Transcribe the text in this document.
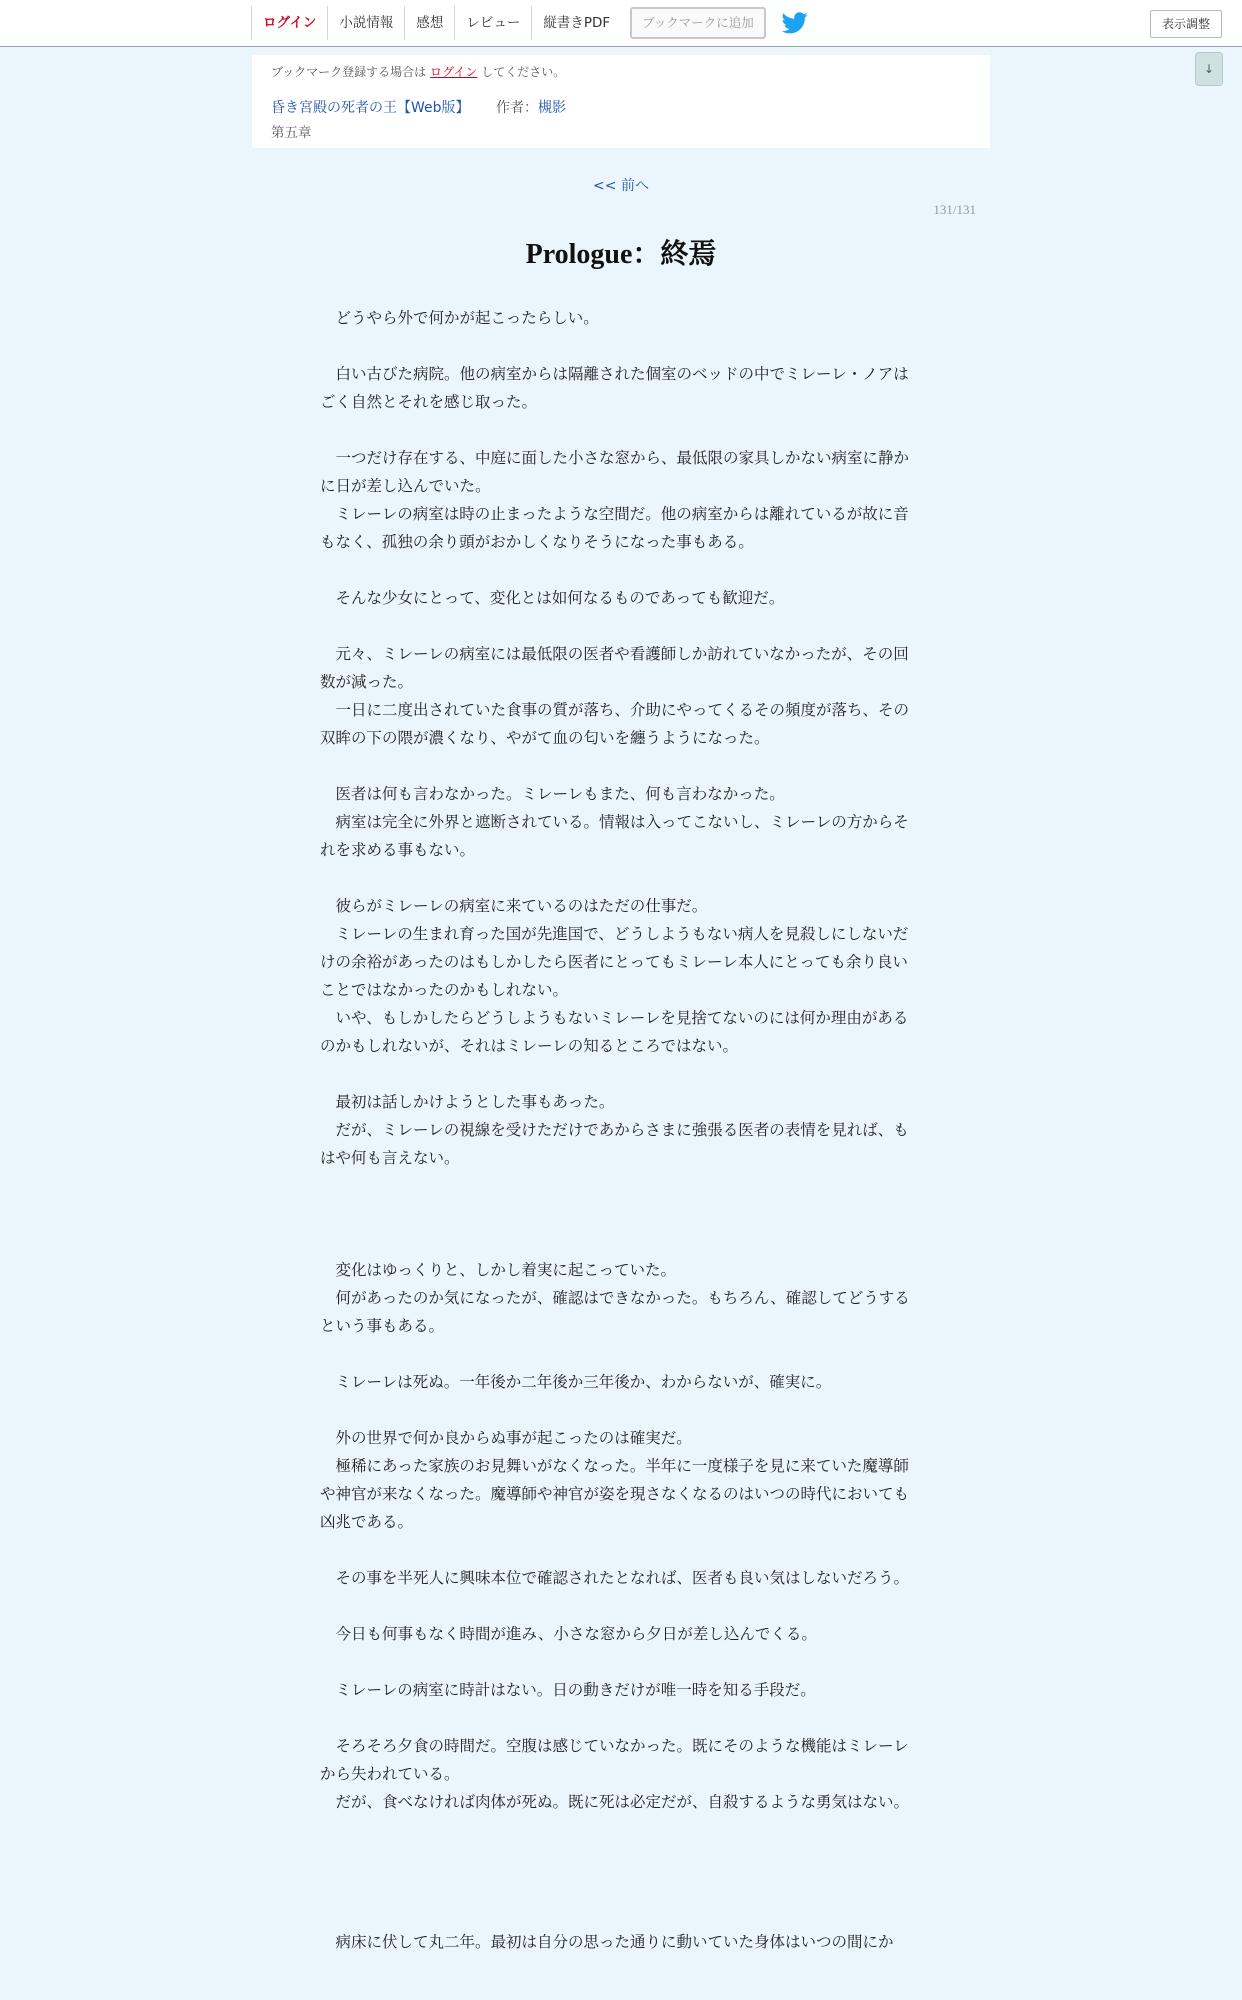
ログイン	小説情報	感想	レビュー	縦書きPDF	ブックマークに追加	表示調整
↓
ブックマーク登録する場合は ログイン してください。
昏き宮殿の死者の王【Web版】 作者：槻影
第五章
<< 前へ
131/131
Prologue：終焉

　どうやら外で何かが起こったらしい。

　白い古びた病院。他の病室からは隔離された個室のベッドの中でミレーレ・ノアはごく自然とそれを感じ取った。

　一つだけ存在する、中庭に面した小さな窓から、最低限の家具しかない病室に静かに日が差し込んでいた。

　ミレーレの病室は時の止まったような空間だ。他の病室からは離れているが故に音もなく、孤独の余り頭がおかしくなりそうになった事もある。

　そんな少女にとって、変化とは如何なるものであっても歓迎だ。

　元々、ミレーレの病室には最低限の医者や看護師しか訪れていなかったが、その回数が減った。

　一日に二度出されていた食事の質が落ち、介助にやってくるその頻度が落ち、その双眸の下の隈が濃くなり、やがて血の匂いを纏うようになった。

　医者は何も言わなかった。ミレーレもまた、何も言わなかった。

　病室は完全に外界と遮断されている。情報は入ってこないし、ミレーレの方からそれを求める事もない。

　彼らがミレーレの病室に来ているのはただの仕事だ。

　ミレーレの生まれ育った国が先進国で、どうしようもない病人を見殺しにしないだけの余裕があったのはもしかしたら医者にとってもミレーレ本人にとっても余り良いことではなかったのかもしれない。

　いや、もしかしたらどうしようもないミレーレを見捨てないのには何か理由があるのかもしれないが、それはミレーレの知るところではない。

　最初は話しかけようとした事もあった。

　だが、ミレーレの視線を受けただけであからさまに強張る医者の表情を見れば、もはや何も言えない。

　変化はゆっくりと、しかし着実に起こっていた。

　何があったのか気になったが、確認はできなかった。もちろん、確認してどうするという事もある。

　ミレーレは死ぬ。一年後か二年後か三年後か、わからないが、確実に。

　外の世界で何か良からぬ事が起こったのは確実だ。

　極稀にあった家族のお見舞いがなくなった。半年に一度様子を見に来ていた魔導師や神官が来なくなった。魔導師や神官が姿を現さなくなるのはいつの時代においても凶兆である。

　その事を半死人に興味本位で確認されたとなれば、医者も良い気はしないだろう。

　今日も何事もなく時間が進み、小さな窓から夕日が差し込んでくる。

　ミレーレの病室に時計はない。日の動きだけが唯一時を知る手段だ。

　そろそろ夕食の時間だ。空腹は感じていなかった。既にそのような機能はミレーレから失われている。

　だが、食べなければ肉体が死ぬ。既に死は必定だが、自殺するような勇気はない。

　病床に伏して丸二年。最初は自分の思った通りに動いていた身体はいつの間にか
